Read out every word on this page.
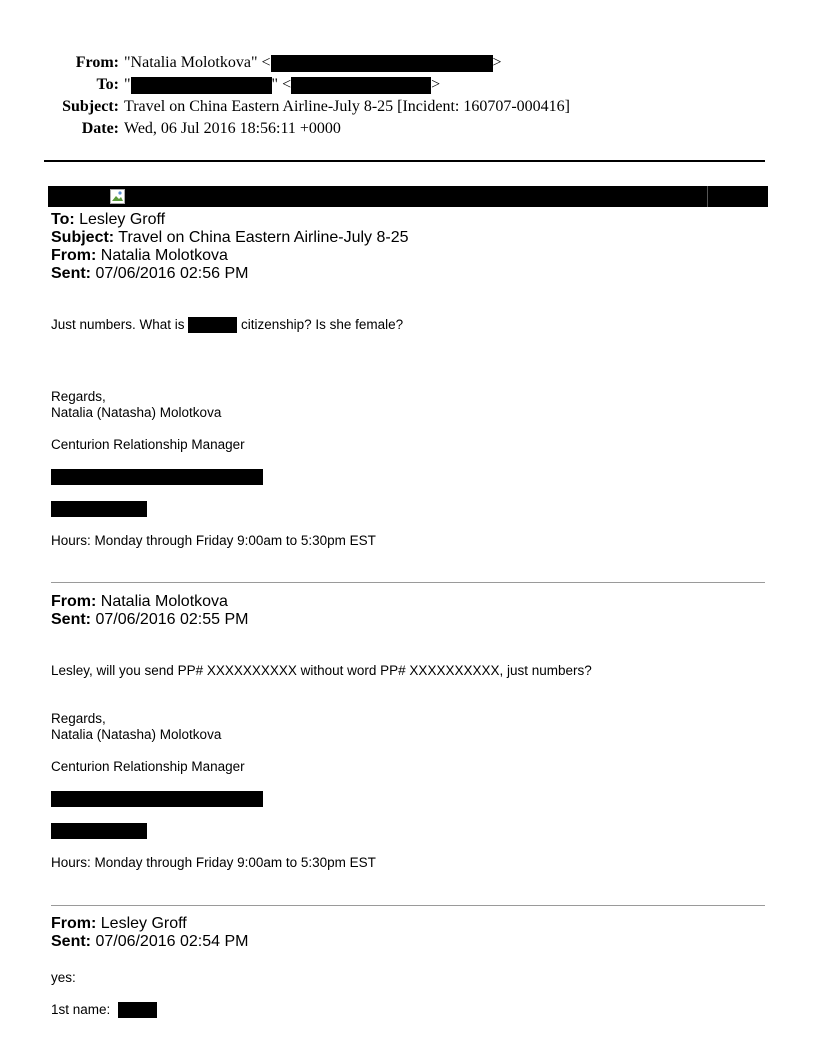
From: "Natalia Molotkova" <	>
To: "	" <	>
Subject: Travel on China Eastern Airline-July 8-25 [Incident: 160707-000416]
Date: Wed, 06 Jul 2016 18:56:11 +0000
To: Lesley Groff
Subject: Travel on China Eastern Airline-July 8-25
From: Natalia Molotkova
Sent: 07/06/2016 02:56 PM
Just numbers. What is	citizenship? Is she female?
Regards,
Natalia (Natasha) Molotkova
Centurion Relationship Manager
Hours: Monday through Friday 9:00am to 5:30pm EST
From: Natalia Molotkova
Sent: 07/06/2016 02:55 PM
Lesley, will you send PP# XXXXXXXXXX without word PP# XXXXXXXXXX, just numbers?
Regards,
Natalia (Natasha) Molotkova
Centurion Relationship Manager
Hours: Monday through Friday 9:00am to 5:30pm EST
From: Lesley Groff
Sent: 07/06/2016 02:54 PM
yes:
1st name:
